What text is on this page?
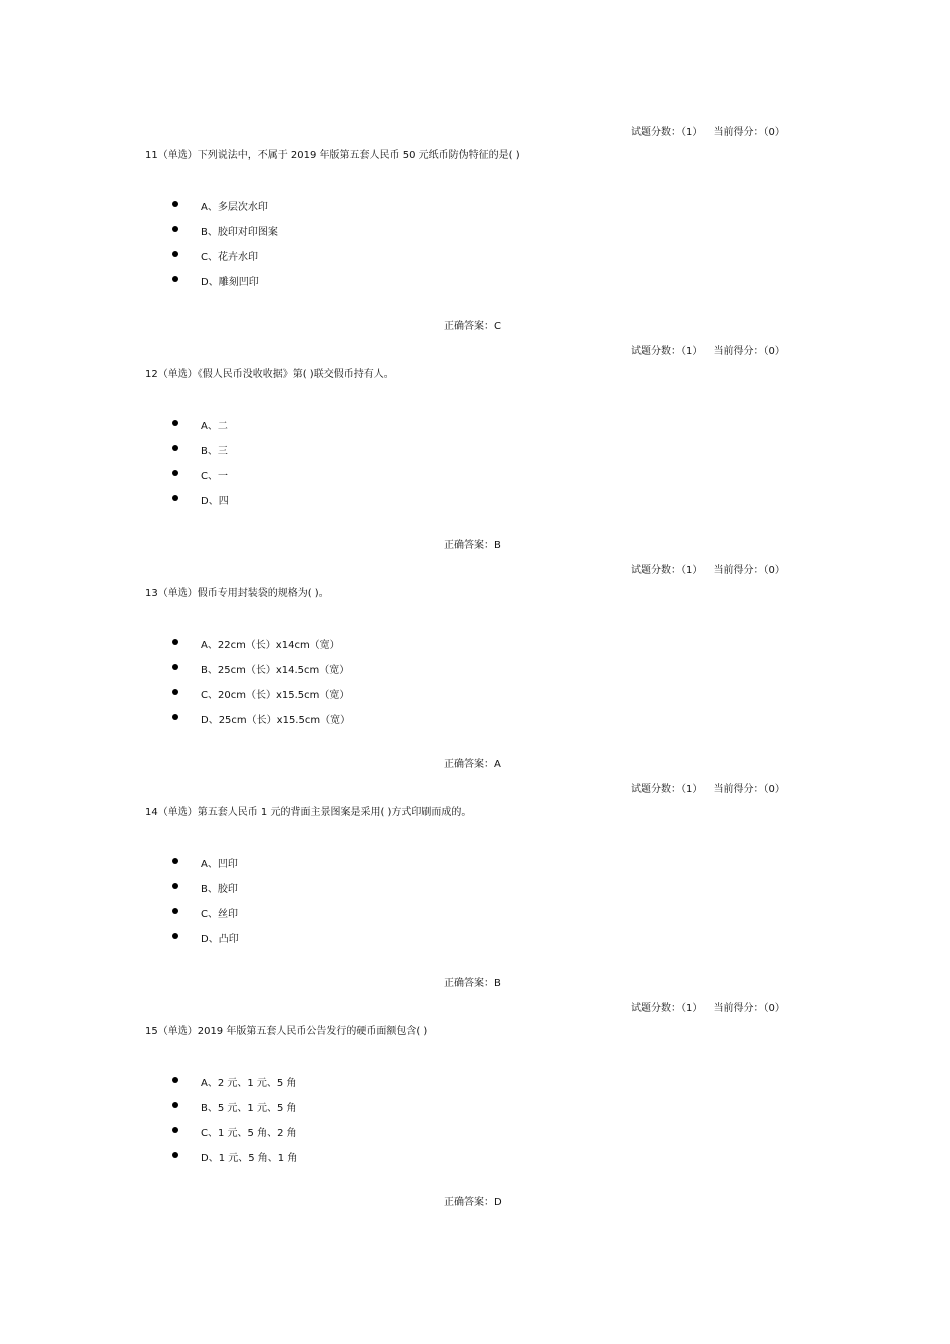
试题分数：（1） 当前得分：（0）
11（单选）下列说法中，不属于 2019 年版第五套人民币 50 元纸币防伪特征的是( )
A、多层次水印
B、胶印对印图案
C、花卉水印
D、雕刻凹印
正确答案：C
试题分数：（1） 当前得分：（0）
12（单选）《假人民币没收收据》第( )联交假币持有人。
A、二
B、三
C、一
D、四
正确答案：B
试题分数：（1） 当前得分：（0）
13（单选）假币专用封装袋的规格为( )。
A、22cm（长）x14cm（宽）
B、25cm（长）x14.5cm（宽）
C、20cm（长）x15.5cm（宽）
D、25cm（长）x15.5cm（宽）
正确答案：A
试题分数：（1） 当前得分：（0）
14（单选）第五套人民币 1 元的背面主景图案是采用( )方式印刷而成的。
A、凹印
B、胶印
C、丝印
D、凸印
正确答案：B
试题分数：（1） 当前得分：（0）
15（单选）2019 年版第五套人民币公告发行的硬币面额包含( )
A、2 元、1 元、5 角
B、5 元、1 元、5 角
C、1 元、5 角、2 角
D、1 元、5 角、1 角
正确答案：D
